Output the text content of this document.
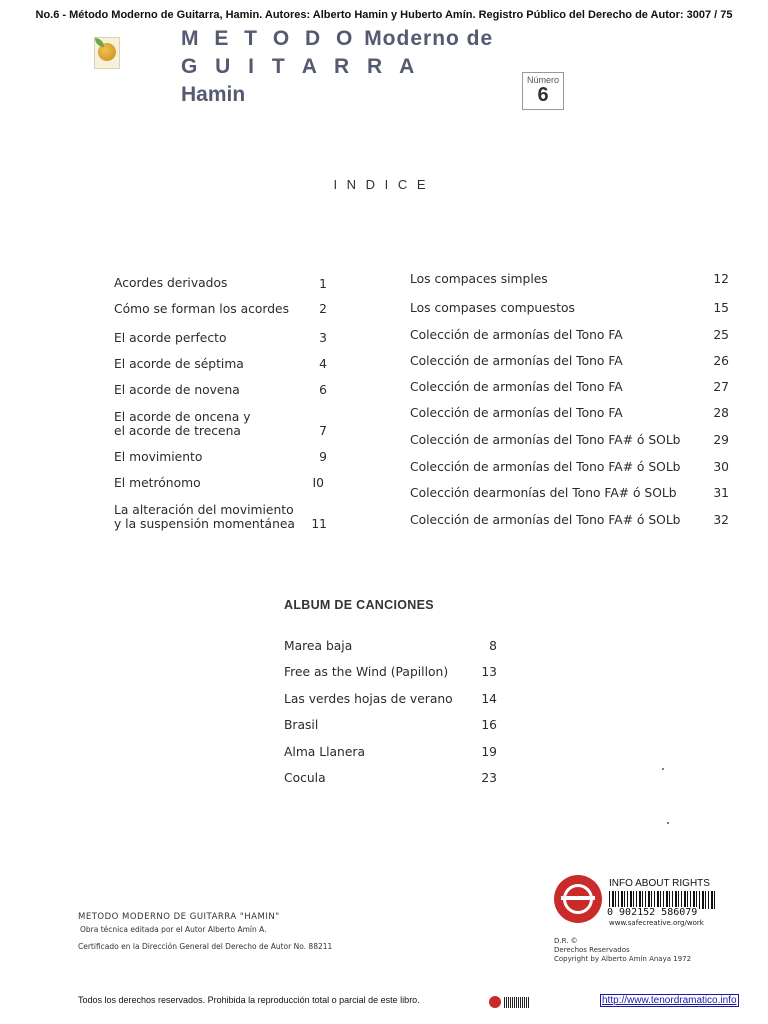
No.6 - Método Moderno de Guitarra, Hamin. Autores: Alberto Hamin y Huberto Amín. Registro Público del Derecho de Autor: 3007 / 75
M E T O D O Moderno de
G U I T A R R A
Hamin
Número
6
I N D I C E
Acordes derivados	1
Cómo se forman los acordes	2
El acorde perfecto	3
El acorde de séptima	4
El acorde de novena	6
El acorde de oncena y
el acorde de trecena	7
El movimiento	9
El metrónomo	I0
La alteración del movimiento
y la suspensión momentánea	11
Los compaces simples	12
Los compases compuestos	15
Colección de armonías del Tono FA	25
Colección de armonías del Tono FA	26
Colección de armonías del Tono FA	27
Colección de armonías del Tono FA	28
Colección de armonías del Tono FA# ó SOLb	29
Colección de armonías del Tono FA# ó SOLb	30
Colección dearmonías del Tono FA# ó SOLb	31
Colección de armonías del Tono FA# ó SOLb	32
ALBUM DE CANCIONES
Marea baja	8
Free as the Wind (Papillon)	13
Las verdes hojas de verano	14
Brasil	16
Alma Llanera	19
Cocula	23
METODO MODERNO DE GUITARRA "HAMIN"
Obra técnica editada por el Autor Alberto Amín A.
Certificado en la Dirección General del Derecho de Autor No. 88211
INFO ABOUT RIGHTS
0 902152 586079
www.safecreative.org/work
D.R. ©
Derechos Reservados
Copyright by Alberto Amín Anaya 1972
Todos los derechos reservados. Prohibida la reproducción total o parcial de este libro.	http://www.tenordramatico.info
